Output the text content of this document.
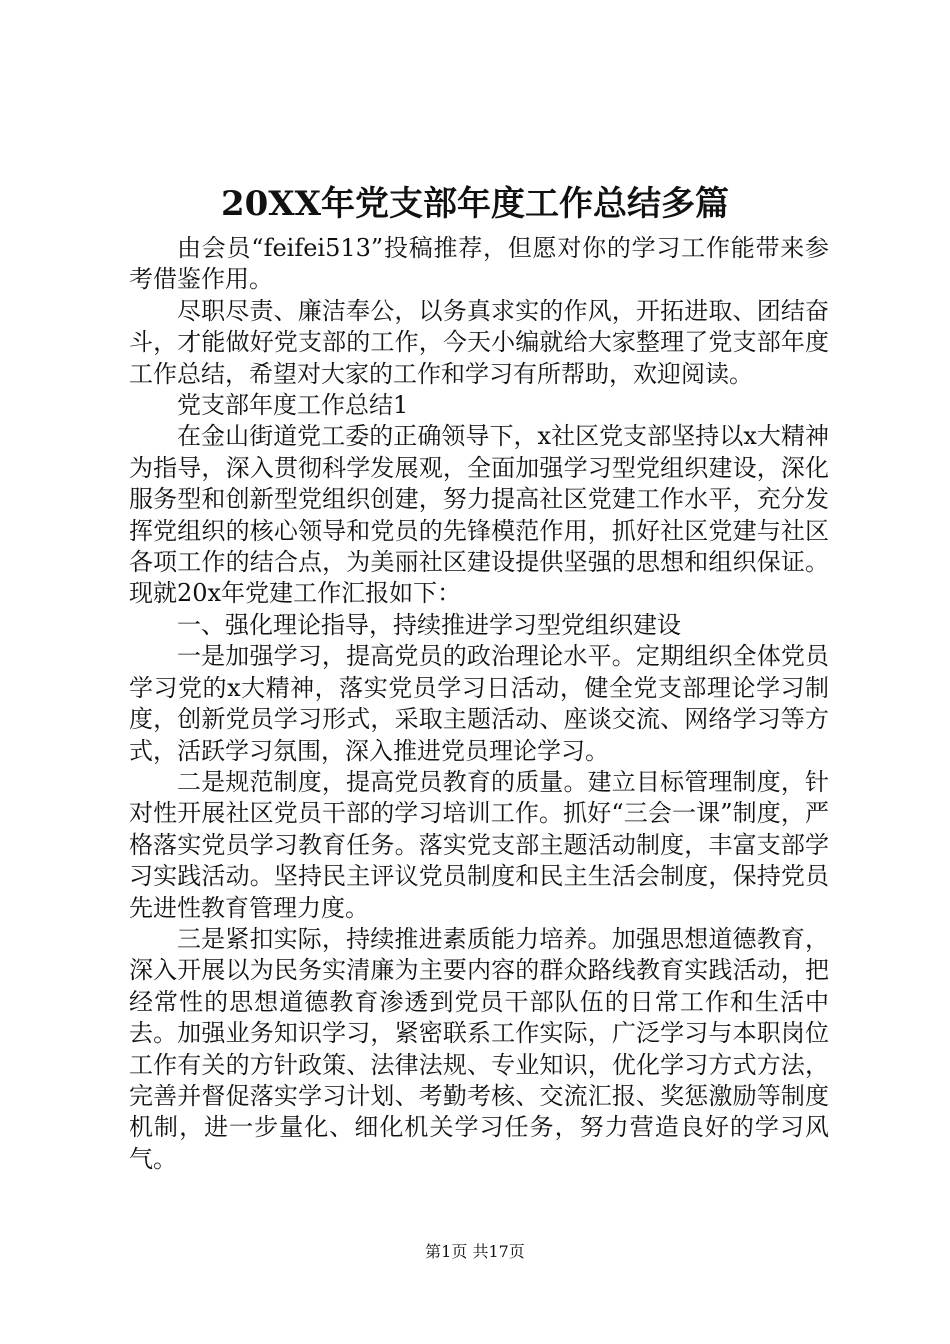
20XX年党支部年度工作总结多篇

由会员“feifei513”投稿推荐，但愿对你的学习工作能带来参考借鉴作用。

尽职尽责、廉洁奉公，以务真求实的作风，开拓进取、团结奋斗，才能做好党支部的工作，今天小编就给大家整理了党支部年度工作总结，希望对大家的工作和学习有所帮助，欢迎阅读。

党支部年度工作总结1

在金山街道党工委的正确领导下，x社区党支部坚持以x大精神为指导，深入贯彻科学发展观，全面加强学习型党组织建设，深化服务型和创新型党组织创建，努力提高社区党建工作水平，充分发挥党组织的核心领导和党员的先锋模范作用，抓好社区党建与社区各项工作的结合点，为美丽社区建设提供坚强的思想和组织保证。现就20x年党建工作汇报如下：

一、强化理论指导，持续推进学习型党组织建设

一是加强学习，提高党员的政治理论水平。定期组织全体党员学习党的x大精神，落实党员学习日活动，健全党支部理论学习制度，创新党员学习形式，采取主题活动、座谈交流、网络学习等方式，活跃学习氛围，深入推进党员理论学习。

二是规范制度，提高党员教育的质量。建立目标管理制度，针对性开展社区党员干部的学习培训工作。抓好“三会一课”制度，严格落实党员学习教育任务。落实党支部主题活动制度，丰富支部学习实践活动。坚持民主评议党员制度和民主生活会制度，保持党员先进性教育管理力度。

三是紧扣实际，持续推进素质能力培养。加强思想道德教育，深入开展以为民务实清廉为主要内容的群众路线教育实践活动，把经常性的思想道德教育渗透到党员干部队伍的日常工作和生活中去。加强业务知识学习，紧密联系工作实际，广泛学习与本职岗位工作有关的方针政策、法律法规、专业知识，优化学习方式方法，完善并督促落实学习计划、考勤考核、交流汇报、奖惩激励等制度机制，进一步量化、细化机关学习任务，努力营造良好的学习风气。

第1页 共17页
